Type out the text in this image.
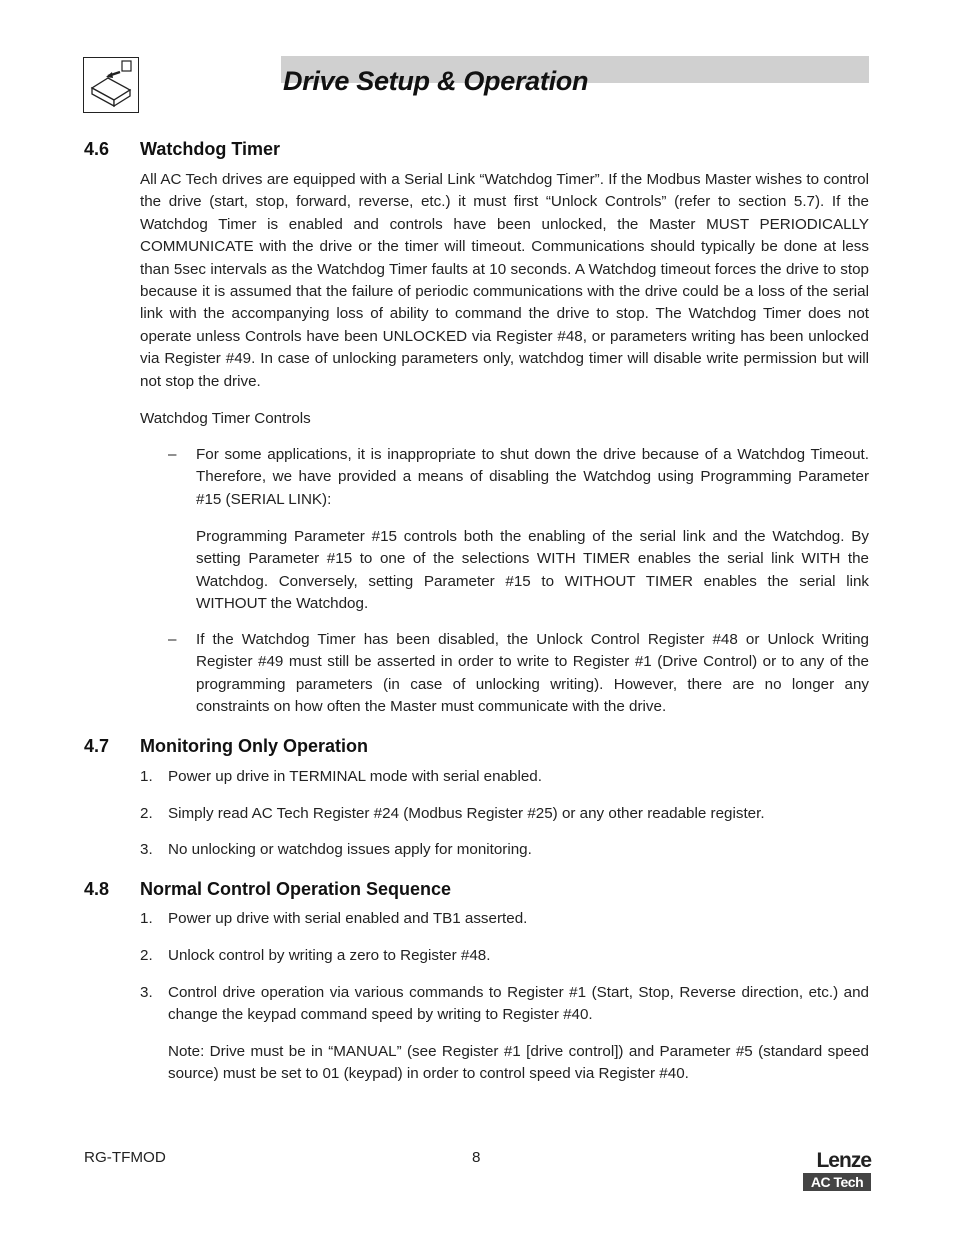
Drive Setup & Operation
4.6 Watchdog Timer

All AC Tech drives are equipped with a Serial Link “Watchdog Timer”. If the Modbus Master wishes to control the drive (start, stop, forward, reverse, etc.) it must first “Unlock Controls” (refer to section 5.7). If the Watchdog Timer is enabled and controls have been unlocked, the Master MUST PERIODICALLY COMMUNICATE with the drive or the timer will timeout. Communications should typically be done at less than 5sec intervals as the Watchdog Timer faults at 10 seconds. A Watchdog timeout forces the drive to stop because it is assumed that the failure of periodic communications with the drive could be a loss of the serial link with the accompanying loss of ability to command the drive to stop. The Watchdog Timer does not operate unless Controls have been UNLOCKED via Register #48, or parameters writing has been unlocked via Register #49. In case of unlocking parameters only, watchdog timer will disable write permission but will not stop the drive.

Watchdog Timer Controls

– For some applications, it is inappropriate to shut down the drive because of a Watchdog Timeout. Therefore, we have provided a means of disabling the Watchdog using Programming Parameter #15 (SERIAL LINK):

Programming Parameter #15 controls both the enabling of the serial link and the Watchdog. By setting Parameter #15 to one of the selections WITH TIMER enables the serial link WITH the Watchdog. Conversely, setting Parameter #15 to WITHOUT TIMER enables the serial link WITHOUT the Watchdog.

– If the Watchdog Timer has been disabled, the Unlock Control Register #48 or Unlock Writing Register #49 must still be asserted in order to write to Register #1 (Drive Control) or to any of the programming parameters (in case of unlocking writing). However, there are no longer any constraints on how often the Master must communicate with the drive.

4.7 Monitoring Only Operation
1. Power up drive in TERMINAL mode with serial enabled.

2. Simply read AC Tech Register #24 (Modbus Register #25) or any other readable register.

3. No unlocking or watchdog issues apply for monitoring.

4.8 Normal Control Operation Sequence
1. Power up drive with serial enabled and TB1 asserted.

2. Unlock control by writing a zero to Register #48.

3. Control drive operation via various commands to Register #1 (Start, Stop, Reverse direction, etc.) and change the keypad command speed by writing to Register #40.

Note: Drive must be in “MANUAL” (see Register #1 [drive control]) and Parameter #5 (standard speed source) must be set to 01 (keypad) in order to control speed via Register #40.

RG-TFMOD	8	Lenze
AC Tech
